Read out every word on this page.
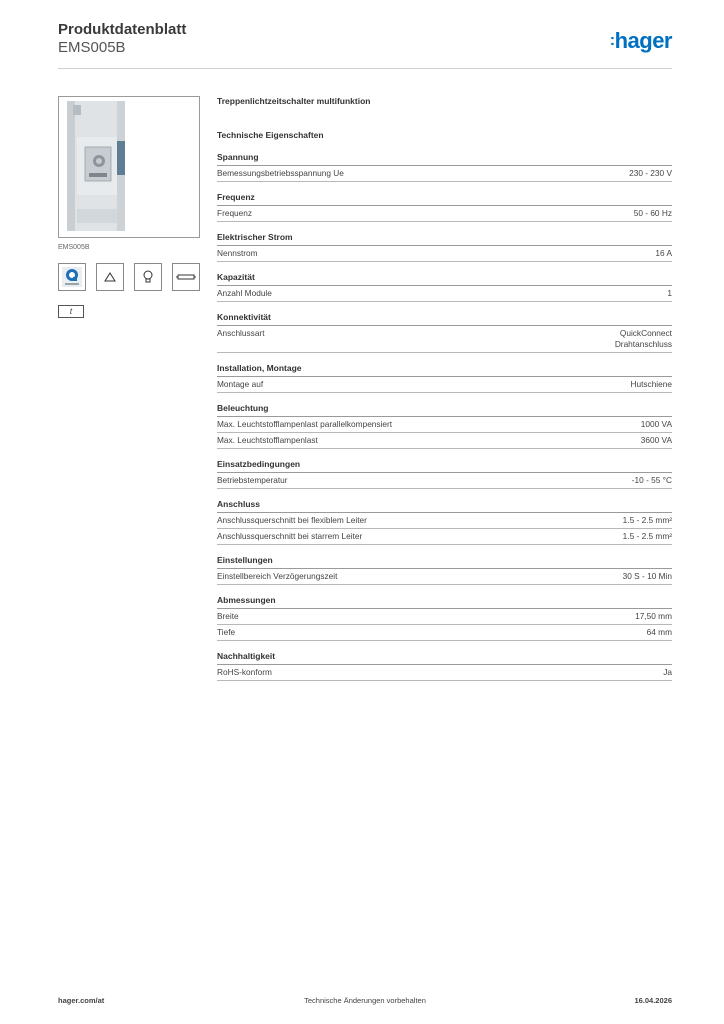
Produktdatenblatt
EMS005B	:hager
EMS005B
t
Treppenlichtzeitschalter multifunktion
Technische Eigenschaften
Spannung
Bemessungsbetriebsspannung Ue	230 - 230 V
Frequenz
Frequenz	50 - 60 Hz
Elektrischer Strom
Nennstrom	16 A
Kapazität
Anzahl Module	1
Konnektivität
Anschlussart	QuickConnect
Drahtanschluss
Installation, Montage
Montage auf	Hutschiene
Beleuchtung
Max. Leuchtstofflampenlast parallelkompensiert	1000 VA
Max. Leuchtstofflampenlast	3600 VA
Einsatzbedingungen
Betriebstemperatur	-10 - 55 °C
Anschluss
Anschlussquerschnitt bei flexiblem Leiter	1.5 - 2.5 mm²
Anschlussquerschnitt bei starrem Leiter	1.5 - 2.5 mm²
Einstellungen
Einstellbereich Verzögerungszeit	30 S - 10 Min
Abmessungen
Breite	17,50 mm
Tiefe	64 mm
Nachhaltigkeit
RoHS-konform	Ja
hager.com/at	Technische Änderungen vorbehalten	16.04.2026
